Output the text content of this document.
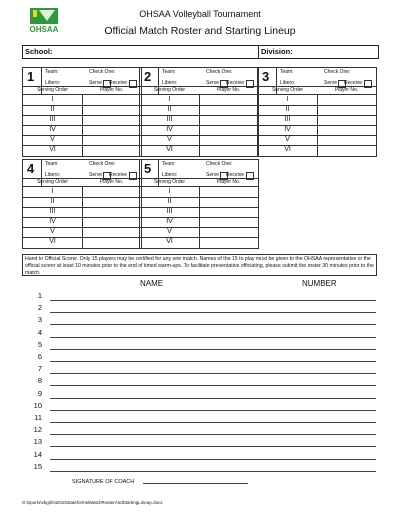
OHSAA
OHSAA Volleyball Tournament
Official Match Roster and Starting Lineup
School:	Division:
1 Team:	Check One:
Libero:	Serve Receive
Serving Order	Player No.
I
II
III
IV
V
VI
2 Team:	Check One:
Libero:	Serve Receive
Serving Order	Player No.
I
II
III
IV
V
VI
3 Team:	Check One:
Libero:	Serve Receive
Serving Order	Player No.
I
II
III
IV
V
VI
4 Team:	Check One:
Libero:	Serve Receive
Serving Order	Player No.
I
II
III
IV
V
VI
5 Team:	Check One:
Libero:	Serve Receive
Serving Order	Player No.
I
II
III
IV
V
VI
Hand to Official Scorer. Only 15 players may be certified for any one match. Names of the 15 to play must be given to the OHSAA representative or the official scorer at least 10 minutes prior to the end of timed warm-ups. To facilitate preventative officiating, please submit the roster 30 minutes prior to the match.
NAME	NUMBER
1
2
3
4
5
6
7
8
9
10
11
12
13
14
15
SIGNATURE OF COACH
O:\sports\vbgirls\2010\stateforms\MatchRosterAndStartingLineup.docx
